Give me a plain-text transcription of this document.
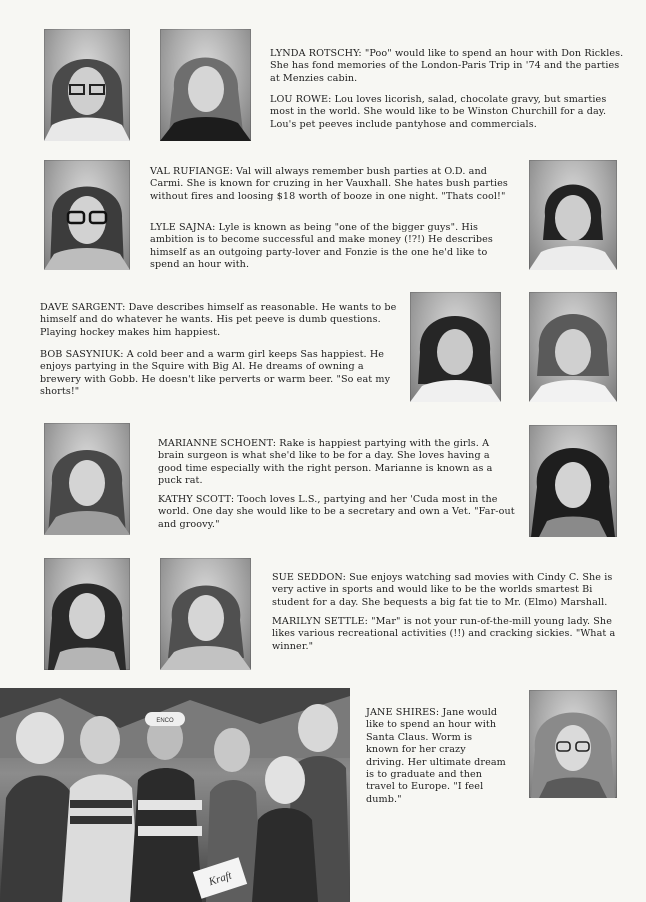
LYNDA ROTSCHY: "Poo" would like to spend an hour with Don Rickles. She has fond memories of the London-Paris Trip in '74 and the parties at Menzies cabin.

LOU ROWE: Lou loves licorish, salad, chocolate gravy, but smarties most in the world. She would like to be Winston Churchill for a day. Lou's pet peeves include pantyhose and commercials.

VAL RUFIANGE: Val will always remember bush parties at O.D. and Carmi. She is known for cruzing in her Vauxhall. She hates bush parties without fires and loosing $18 worth of booze in one night. "Thats cool!"

LYLE SAJNA: Lyle is known as being "one of the bigger guys". His ambition is to become successful and make money (!?!) He describes himself as an outgoing party-lover and Fonzie is the one he'd like to spend an hour with.

DAVE SARGENT: Dave describes himself as reasonable. He wants to be himself and do whatever he wants. His pet peeve is dumb questions. Playing hockey makes him happiest.

BOB SASYNIUK: A cold beer and a warm girl keeps Sas happiest. He enjoys partying in the Squire with Big Al. He dreams of owning a brewery with Gobb. He doesn't like perverts or warm beer. "So eat my shorts!"

MARIANNE SCHOENT: Rake is happiest partying with the girls. A brain surgeon is what she'd like to be for a day. She loves having a good time especially with the right person. Marianne is known as a puck rat.

KATHY SCOTT: Tooch loves L.S., partying and her 'Cuda most in the world. One day she would like to be a secretary and own a Vet. "Far-out and groovy."

SUE SEDDON: Sue enjoys watching sad movies with Cindy C. She is very active in sports and would like to be the worlds smartest Bi student for a day. She bequests a big fat tie to Mr. (Elmo) Marshall.

MARILYN SETTLE: "Mar" is not your run-of-the-mill young lady. She likes various recreational activities (!!) and cracking sickies. "What a winner."

ENCO
Kraft

JANE SHIRES: Jane would like to spend an hour with Santa Claus. Worm is known for her crazy driving. Her ultimate dream is to graduate and then travel to Europe. "I feel dumb."
